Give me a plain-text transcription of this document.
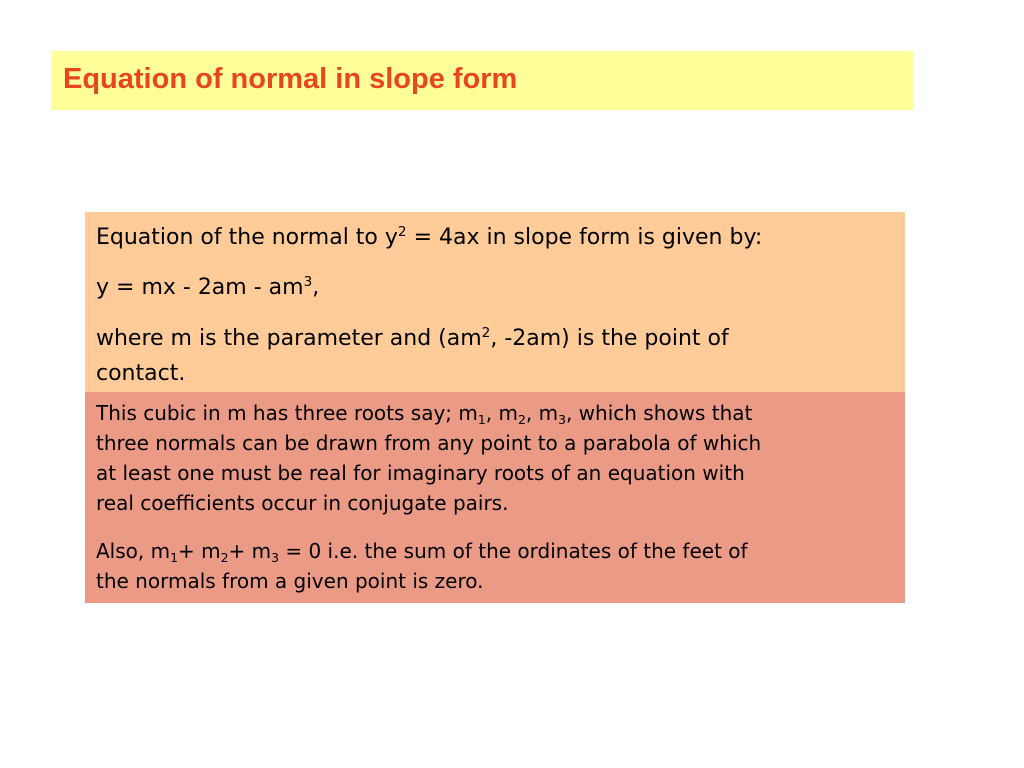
Equation of normal in slope form
Equation of the normal to $y^2 = 4ax$ in slope form is given by:
y = mx - $2am - am^3$,
where m is the parameter and ($am^2$, -2am) is the point of
contact.
This cubic in m has three roots say; $m_1$, $m_2$, $m_3$, which shows that
three normals can be drawn from any point to a parabola of which
at least one must be real for imaginary roots of an equation with
real coefficients occur in conjugate pairs.
Also, $m_1+ m_2+ m_3 = 0$ i.e. the sum of the ordinates of the feet of
the normals from a given point is zero.
